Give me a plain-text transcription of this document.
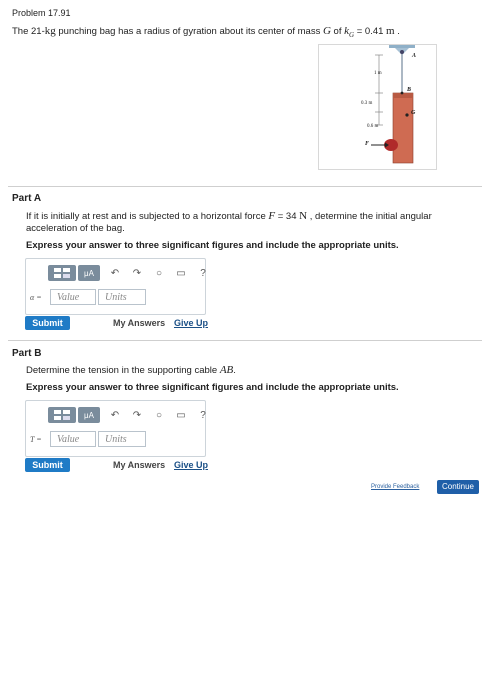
Problem 17.91
The 21-kg punching bag has a radius of gyration about its center of mass G of $k_G = 0.41$ m .
A
B
G
F
1 m
0.3 m
0.6 m
Part A
If it is initially at rest and is subjected to a horizontal force F = 34 N , determine the initial angular
acceleration of the bag.
Express your answer to three significant figures and include the appropriate units.
μA	↶ ↷	○	▭	?
α =	Value	Units
Submit	My Answers Give Up
Part B
Determine the tension in the supporting cable AB.
Express your answer to three significant figures and include the appropriate units.
μA	↶ ↷	○	▭	?
T =	Value	Units
Submit	My Answers Give Up
Provide Feedback	Continue
